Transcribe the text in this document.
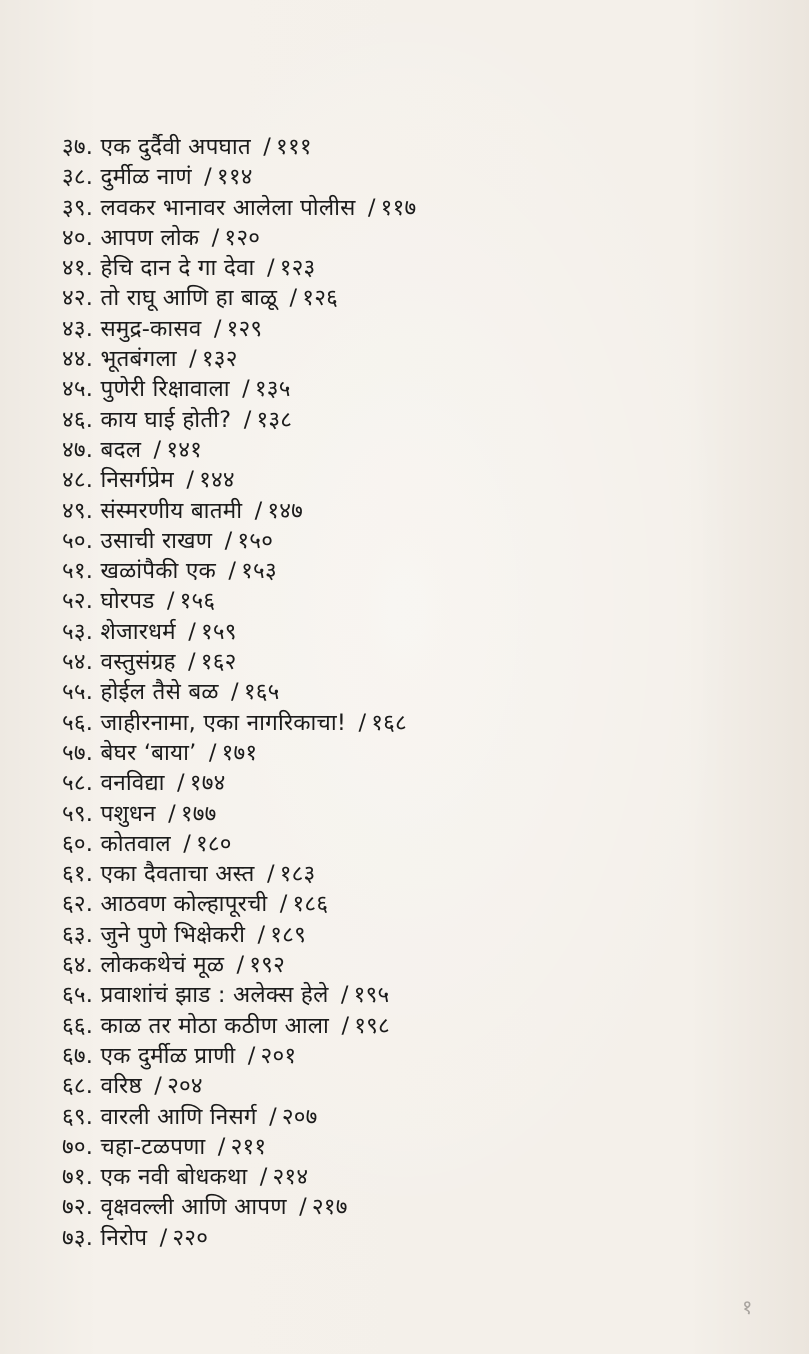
३७. एक दुर्दैवी अपघात / १११
३८. दुर्मीळ नाणं / ११४
३९. लवकर भानावर आलेला पोलीस / ११७
४०. आपण लोक / १२०
४१. हेचि दान दे गा देवा / १२३
४२. तो राघू आणि हा बाळू / १२६
४३. समुद्र-कासव / १२९
४४. भूतबंगला / १३२
४५. पुणेरी रिक्षावाला / १३५
४६. काय घाई होती? / १३८
४७. बदल / १४१
४८. निसर्गप्रेम / १४४
४९. संस्मरणीय बातमी / १४७
५०. उसाची राखण / १५०
५१. खळांपैकी एक / १५३
५२. घोरपड / १५६
५३. शेजारधर्म / १५९
५४. वस्तुसंग्रह / १६२
५५. होईल तैसे बळ / १६५
५६. जाहीरनामा, एका नागरिकाचा! / १६८
५७. बेघर ‘बाया’ / १७१
५८. वनविद्या / १७४
५९. पशुधन / १७७
६०. कोतवाल / १८०
६१. एका दैवताचा अस्त / १८३
६२. आठवण कोल्हापूरची / १८६
६३. जुने पुणे भिक्षेकरी / १८९
६४. लोककथेचं मूळ / १९२
६५. प्रवाशांचं झाड : अलेक्स हेले / १९५
६६. काळ तर मोठा कठीण आला / १९८
६७. एक दुर्मीळ प्राणी / २०१
६८. वरिष्ठ / २०४
६९. वारली आणि निसर्ग / २०७
७०. चहा-टळपणा / २११
७१. एक नवी बोधकथा / २१४
७२. वृक्षवल्ली आणि आपण / २१७
७३. निरोप / २२०
१
